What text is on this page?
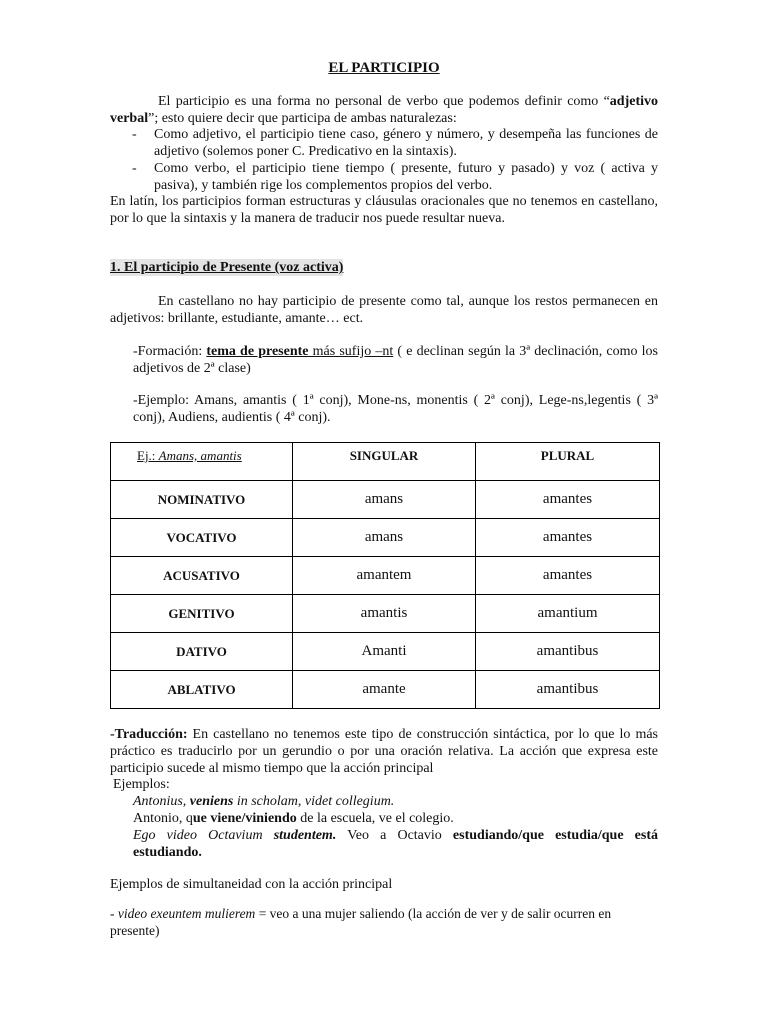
EL PARTICIPIO
El participio es una forma no personal de verbo que podemos definir como “adjetivo verbal”; esto quiere decir que participa de ambas naturalezas:
- Como adjetivo, el participio tiene caso, género y número, y desempeña las funciones de adjetivo (solemos poner C. Predicativo en la sintaxis).
- Como verbo, el participio tiene tiempo ( presente, futuro y pasado) y voz ( activa y pasiva), y también rige los complementos propios del verbo.
En latín, los participios forman estructuras y cláusulas oracionales que no tenemos en castellano, por lo que la sintaxis y la manera de traducir nos puede resultar nueva.
1. El participio de Presente (voz activa)
En castellano no hay participio de presente como tal, aunque los restos permanecen en adjetivos: brillante, estudiante, amante… ect.
-Formación: tema de presente más sufijo –nt ( e declinan según la 3ª declinación, como los adjetivos de 2ª clase)
-Ejemplo: Amans, amantis ( 1ª conj), Mone-ns, monentis ( 2ª conj), Lege-ns,legentis ( 3ª conj), Audiens, audientis ( 4ª conj).
Ej.: Amans, amantis	SINGULAR	PLURAL
NOMINATIVO	amans	amantes
VOCATIVO	amans	amantes
ACUSATIVO	amantem	amantes
GENITIVO	amantis	amantium
DATIVO	Amanti	amantibus
ABLATIVO	amante	amantibus
-Traducción: En castellano no tenemos este tipo de construcción sintáctica, por lo que lo más práctico es traducirlo por un gerundio o por una oración relativa. La acción que expresa este participio sucede al mismo tiempo que la acción principal
Ejemplos:
Antonius, veniens in scholam, videt collegium.
Antonio, que viene/viniendo de la escuela, ve el colegio.
Ego video Octavium studentem. Veo a Octavio estudiando/que estudia/que está estudiando.
Ejemplos de simultaneidad con la acción principal
- video exeuntem mulierem = veo a una mujer saliendo (la acción de ver y de salir ocurren en presente)
